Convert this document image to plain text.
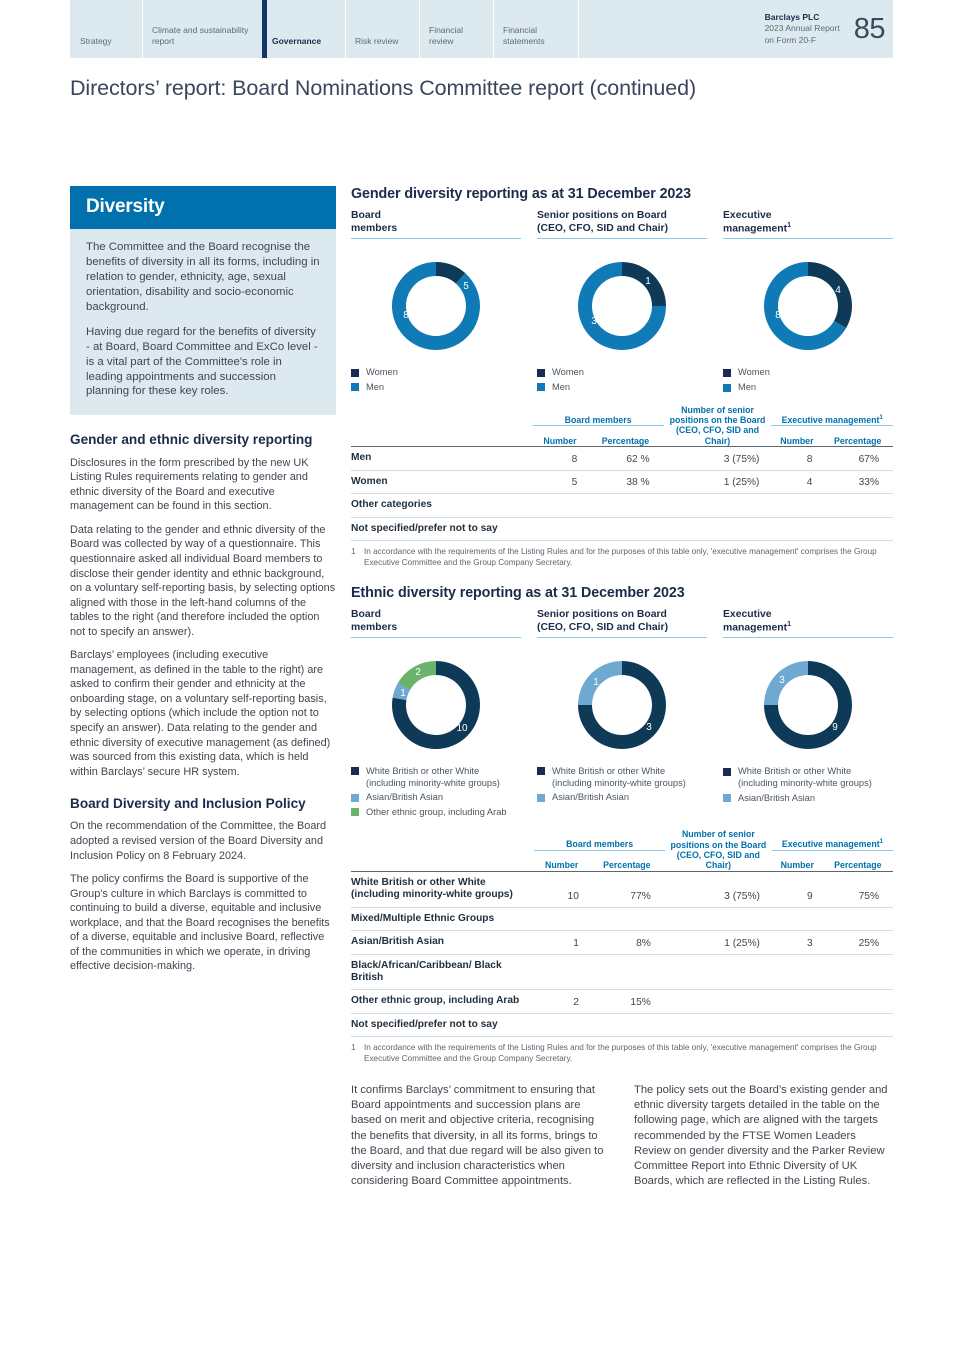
Strategy
Climate and sustainability report	Governance	Risk review
Financial review
Financial statements
Barclays PLC
2023 Annual Report
on Form 20-F	85
Directors’ report: Board Nominations Committee report (continued)
Diversity

The Committee and the Board recognise the benefits of diversity in all its forms, including in relation to gender, ethnicity, age, sexual orientation, disability and socio-economic background.

Having due regard for the benefits of diversity - at Board, Board Committee and ExCo level - is a vital part of the Committee's role in leading appointments and succession planning for these key roles.

Gender and ethnic diversity reporting

Disclosures in the form prescribed by the new UK Listing Rules requirements relating to gender and ethnic diversity of the Board and executive management can be found in this section.

Data relating to the gender and ethnic diversity of the Board was collected by way of a questionnaire. This questionnaire asked all individual Board members to disclose their gender identity and ethnic background, on a voluntary self-reporting basis, by selecting options aligned with those in the left-hand columns of the tables to the right (and therefore included the option not to specify an answer).

Barclays’ employees (including executive management, as defined in the table to the right) are asked to confirm their gender and ethnicity at the onboarding stage, on a voluntary self-reporting basis, by selecting options (which include the option not to specify an answer). Data relating to the gender and ethnic diversity of executive management (as defined) was sourced from this existing data, which is held within Barclays’ secure HR system.

Board Diversity and Inclusion Policy

On the recommendation of the Committee, the Board adopted a revised version of the Board Diversity and Inclusion Policy on 8 February 2024.

The policy confirms the Board is supportive of the Group's culture in which Barclays is committed to continuing to build a diverse, equitable and inclusive workplace, and that the Board recognises the benefits of a diverse, equitable and inclusive Board, reflective of the communities in which we operate, in driving effective decision-making.

Gender diversity reporting as at 31 December 2023
Board
members
5
8
Women
Men
Senior positions on Board
(CEO, CFO, SID and Chair)
1
3
Women
Men
Executive
management$^1$
4
8
Women
Men
	Board members		Number of senior
positions on the Board	Executive management$^1$
	Number	Percentage	(CEO, CFO, SID and Chair)	Number	Percentage

Men	8	62 %	3 (75%)	8	67%
Women	5	38 %	1 (25%)	4	33%
Other categories					
Not specified/prefer not to say					
1	In accordance with the requirements of the Listing Rules and for the purposes of this table only, 'executive management' comprises the Group Executive Committee and the Group Company Secretary.
Ethnic diversity reporting as at 31 December 2023
Board
members
2
1
10
White British or other White (including minority-white groups)
Asian/British Asian
Other ethnic group, including Arab
Senior positions on Board
(CEO, CFO, SID and Chair)
1
3
White British or other White (including minority-white groups)
Asian/British Asian
Executive
management$^1$
3
9
White British or other White (including minority-white groups)
Asian/British Asian
	Board members		Number of senior
positions on the Board	Executive management$^1$
	Number	Percentage	(CEO, CFO, SID and Chair)	Number	Percentage

White British or other White (including minority-white groups)	10	77%	3 (75%)	9	75%
Mixed/Multiple Ethnic Groups					
Asian/British Asian	1	8%	1 (25%)	3	25%
Black/African/Caribbean/ Black British					
Other ethnic group, including Arab	2	15%			
Not specified/prefer not to say					
1	In accordance with the requirements of the Listing Rules and for the purposes of this table only, 'executive management' comprises the Group Executive Committee and the Group Company Secretary.

It confirms Barclays’ commitment to ensuring that Board appointments and succession plans are based on merit and objective criteria, recognising the benefits that diversity, in all its forms, brings to the Board, and that due regard will be also given to diversity and inclusion characteristics when considering Board Committee appointments.

The policy sets out the Board’s existing gender and ethnic diversity targets detailed in the table on the following page, which are aligned with the targets recommended by the FTSE Women Leaders Review on gender diversity and the Parker Review Committee Report into Ethnic Diversity of UK Boards, which are reflected in the Listing Rules.
